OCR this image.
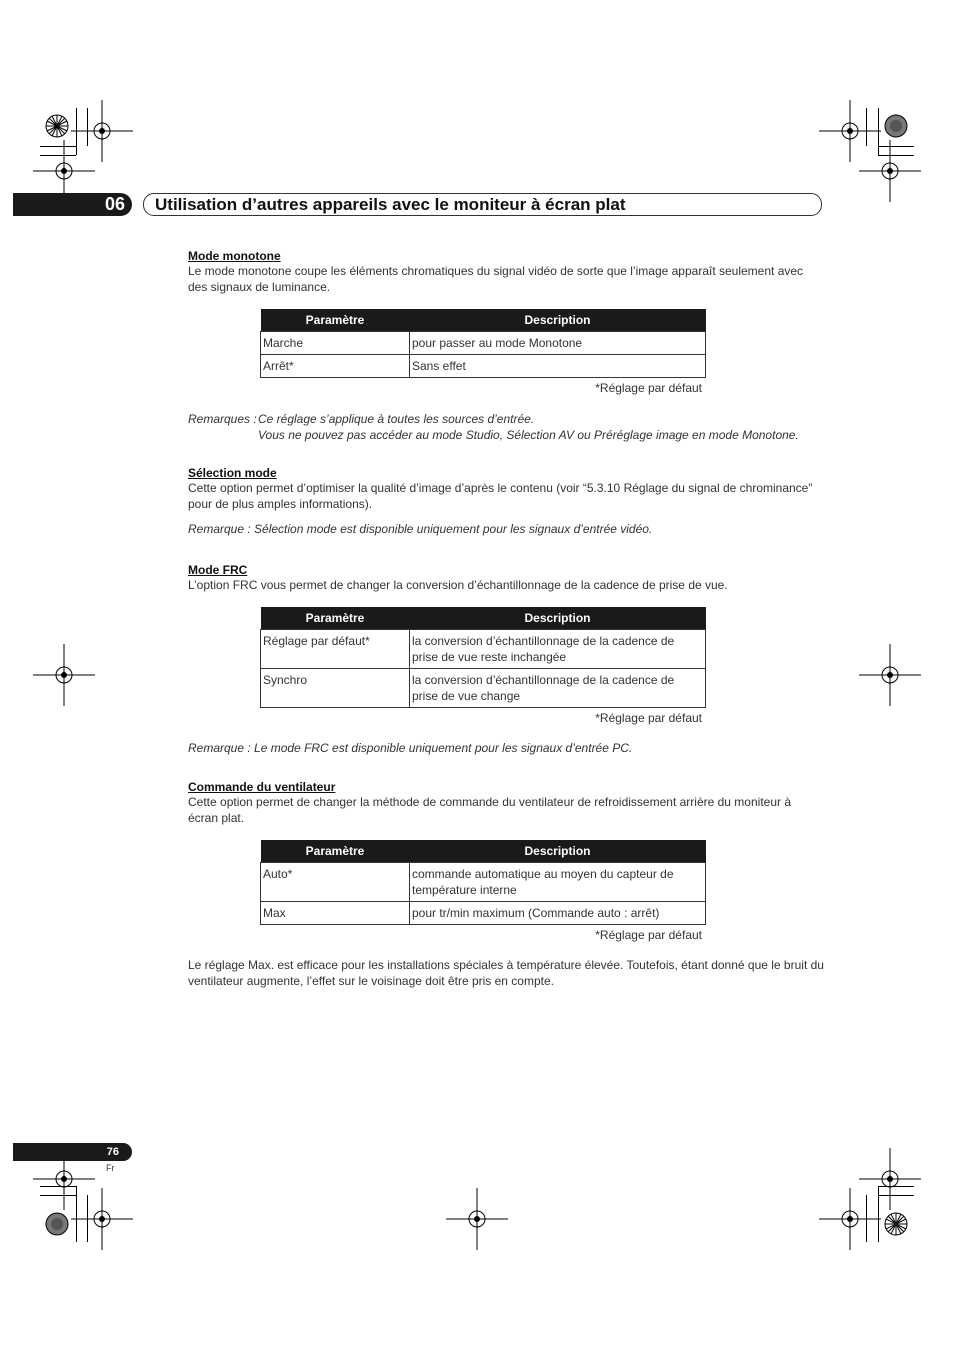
06 Utilisation d’autres appareils avec le moniteur à écran plat

Mode monotone

Le mode monotone coupe les éléments chromatiques du signal vidéo de sorte que l’image apparaît seulement avec des signaux de luminance.

Paramètre	Description
Marche	pour passer au mode Monotone
Arrêt*	Sans effet
*Réglage par défaut
Remarques : Ce réglage s’applique à toutes les sources d’entrée.
Vous ne pouvez pas accéder au mode Studio, Sélection AV ou Préréglage image en mode Monotone.

Sélection mode

Cette option permet d’optimiser la qualité d’image d’après le contenu (voir “5.3.10 Réglage du signal de chrominance” pour de plus amples informations).

Remarque : Sélection mode est disponible uniquement pour les signaux d’entrée vidéo.

Mode FRC

L’option FRC vous permet de changer la conversion d’échantillonnage de la cadence de prise de vue.

Paramètre	Description
Réglage par défaut*	la conversion d’échantillonnage de la cadence de prise de vue reste inchangée
Synchro	la conversion d’échantillonnage de la cadence de prise de vue change
*Réglage par défaut

Remarque : Le mode FRC est disponible uniquement pour les signaux d’entrée PC.

Commande du ventilateur

Cette option permet de changer la méthode de commande du ventilateur de refroidissement arrière du moniteur à écran plat.

Paramètre	Description
Auto*	commande automatique au moyen du capteur de température interne
Max	pour tr/min maximum (Commande auto : arrêt)
*Réglage par défaut

Le réglage Max. est efficace pour les installations spéciales à température élevée. Toutefois, étant donné que le bruit du ventilateur augmente, l’effet sur le voisinage doit être pris en compte.

76
Fr
